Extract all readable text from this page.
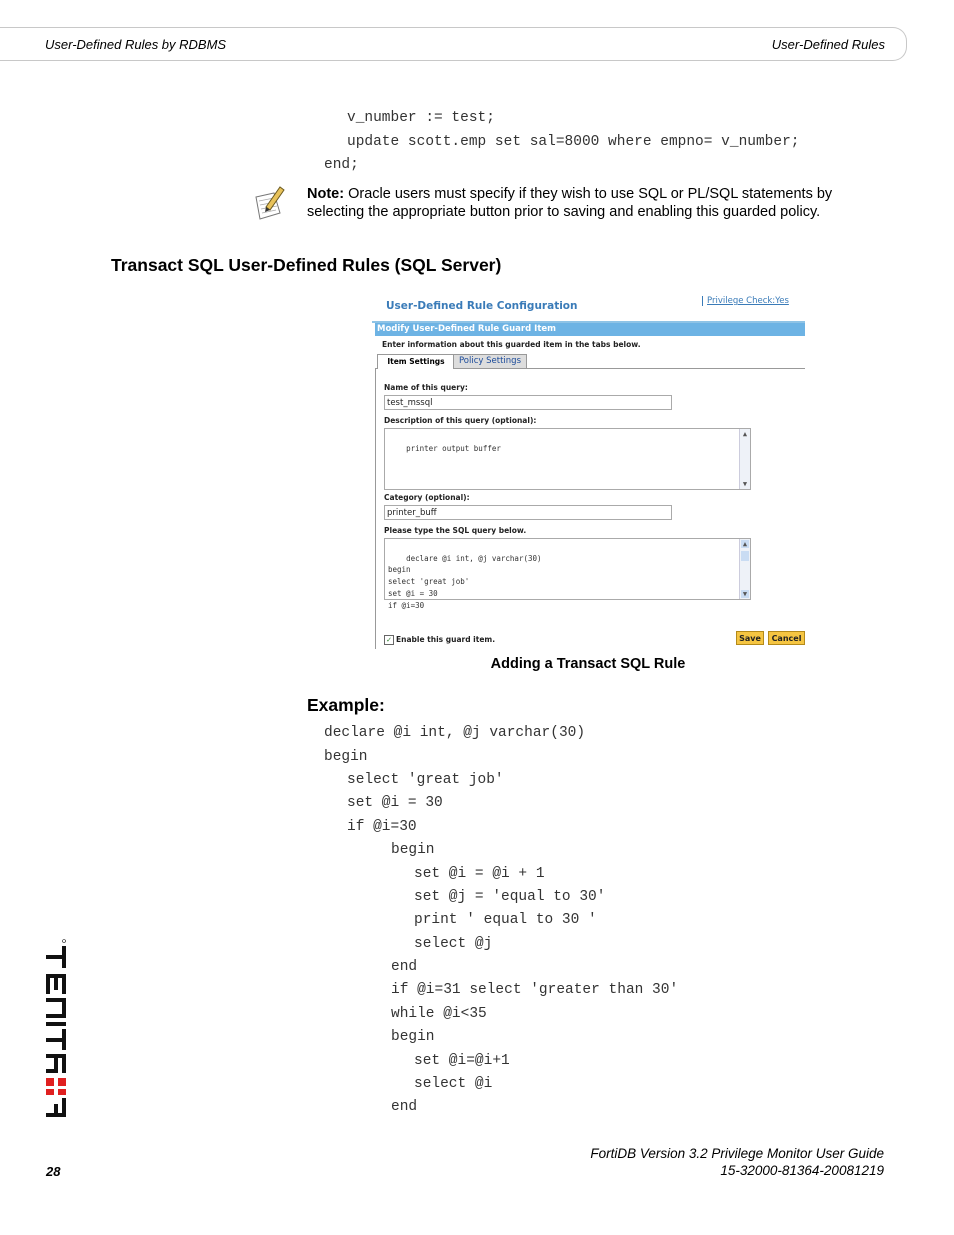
User-Defined Rules by RDBMS	User-Defined Rules
v_number := test;
update scott.emp set sal=8000 where empno= v_number;
end;
Note: Oracle users must specify if they wish to use SQL or PL/SQL statements by selecting the appropriate button prior to saving and enabling this guarded policy.
Transact SQL User-Defined Rules (SQL Server)
User-Defined Rule Configuration	Privilege Check:Yes
Modify User-Defined Rule Guard Item
Enter information about this guarded item in the tabs below.
Item Settings	Policy Settings
Name of this query:
test_mssql
Description of this query (optional):

printer output buffer

▲

▼

Category (optional):
printer_buff
Please type the SQL query below.

declare @i int, @j varchar(30)
begin
select 'great job'
set @i = 30
if @i=30

▲

▼

✓ Enable this guard item.	Save	Cancel
Adding a Transact SQL Rule
Example:
declare @i int, @j varchar(30)
begin
select 'great job'
set @i = 30
if @i=30
begin
set @i = @i + 1
set @j = 'equal to 30'
print ' equal to 30 '
select @j
end
if @i=31 select 'greater than 30'
while @i<35
begin
set @i=@i+1
select @i
end
FortiDB Version 3.2 Privilege Monitor User Guide
15-32000-81364-20081219
28
